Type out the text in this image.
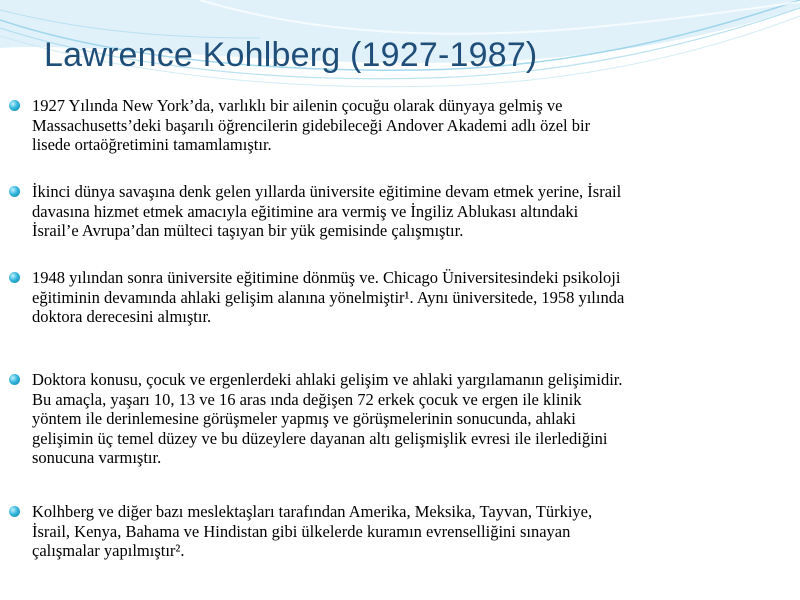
Lawrence Kohlberg (1927-1987)

1927 Yılında New York’da, varlıklı bir ailenin çocuğu olarak dünyaya gelmiş ve
Massachusetts’deki başarılı öğrencilerin gidebileceği Andover Akademi adlı özel bir
lisede ortaöğretimini tamamlamıştır.

İkinci dünya savaşına denk gelen yıllarda üniversite eğitimine devam etmek yerine, İsrail
davasına hizmet etmek amacıyla eğitimine ara vermiş ve İngiliz Ablukası altındaki
İsrail’e Avrupa’dan mülteci taşıyan bir yük gemisinde çalışmıştır.

1948 yılından sonra üniversite eğitimine dönmüş ve. Chicago Üniversitesindeki psikoloji
eğitiminin devamında ahlaki gelişim alanına yönelmiştir¹. Aynı üniversitede, 1958 yılında
doktora derecesini almıştır.

Doktora konusu, çocuk ve ergenlerdeki ahlaki gelişim ve ahlaki yargılamanın gelişimidir.
Bu amaçla, yaşarı 10, 13 ve 16 aras ında değişen 72 erkek çocuk ve ergen ile klinik
yöntem ile derinlemesine görüşmeler yapmış ve görüşmelerinin sonucunda, ahlaki
gelişimin üç temel düzey ve bu düzeylere dayanan altı gelişmişlik evresi ile ilerlediğini
sonucuna varmıştır.

Kolhberg ve diğer bazı meslektaşları tarafından Amerika, Meksika, Tayvan, Türkiye,
İsrail, Kenya, Bahama ve Hindistan gibi ülkelerde kuramın evrenselliğini sınayan
çalışmalar yapılmıştır².
